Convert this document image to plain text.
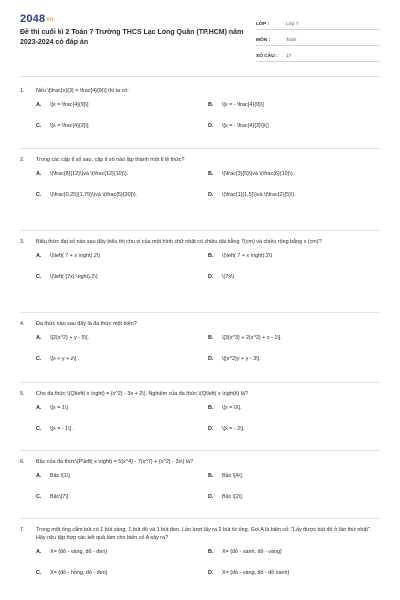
2048vn
Đề thi cuối kì 2 Toán 7 Trường THCS Lạc Long Quân (TP.HCM) năm 2023-2024 có đáp án
LỚP :	Lớp 7
MÔN :	Toán
SỐ CÂU :	17
1.	Nếu \[\frac{x}{3} = \frac{4}{9}\] thì ta có:
A.	\[x = \frac{4}{9}\]	B.	\[x = - \frac{4}{9}\]
C.	\[x = \frac{4}{3}\]	D.	\[x = - \frac{4}{3}\]\()
2.	Trong các cặp tỉ số sau, cặp tỉ số nào lập thành một tỉ lệ thức?
A.	\(\frac{8}{12}\)và \(\frac{12}{10}\).	B.	\(\frac{3}{5}\)và \(\frac{6}{10}\).
C.	\(\frac{0,25}{1,75}\)và \(\frac{5}{30}\).	D.	\(\frac{1}{1,5}\)và \(\frac{2}{5}\).
3.	Biểu thức đại số nào sau đây biểu thị chu vi của một hình chữ nhật có chiều dài bằng 7(cm) và chiều rộng bằng x (cm)?
A.	\(\left( 7 + x \right).2\)	B.	\(\left( 7 + x \right).2\)
C.	\(\left( {7x} \right).2\)	D.	\(7x\)
4.	Đa thức nào sau đây là đa thức một biến?
A.	\[2{x^2} + y - 5\].	B.	\[3{x^3} + 2{x^2} + x - 1\].
C.	\[x + y + z\] .	D.	\[{x^2}y + y - 3\].
5.	Cho đa thức \(Q\left( x \right) = {x^2} - 3x + 2\). Nghiệm của đa thức \(Q\left( x \right)\) là?
A.	\[x = 1\]	B.	\[x = 0\].
C.	\[x = - 1\] .	D.	\[x = - 2\].
6.	Bậc của đa thức\(P\left( x \right) = 5{x^4} - 7{x^7} + {x^2} - 3x\) là?
A.	Bậc \[1\]	B.	Bậc \[4\].
C.	Bậc\[7\] .	D.	Bậc \[2\].
7.	Trong một ống cắm bút có 1 bút vàng, 1 bút đỏ và 1 bút đen. Lần lượt lấy ra 2 bút từ ống. Gọi A là biến cố: "Lấy được bút đỏ ở lần thứ nhất". Hãy nêu tập hợp các kết quả làm cho biến cố A xảy ra?
A.	X= {đỏ - vàng, đỏ - đen}	B.	X= {đỏ - xanh, đỏ - vàng}
C.	X= {đỏ - hồng, đỏ - đen}	D.	X= {đỏ - vàng, đỏ - đỏ xanh}
